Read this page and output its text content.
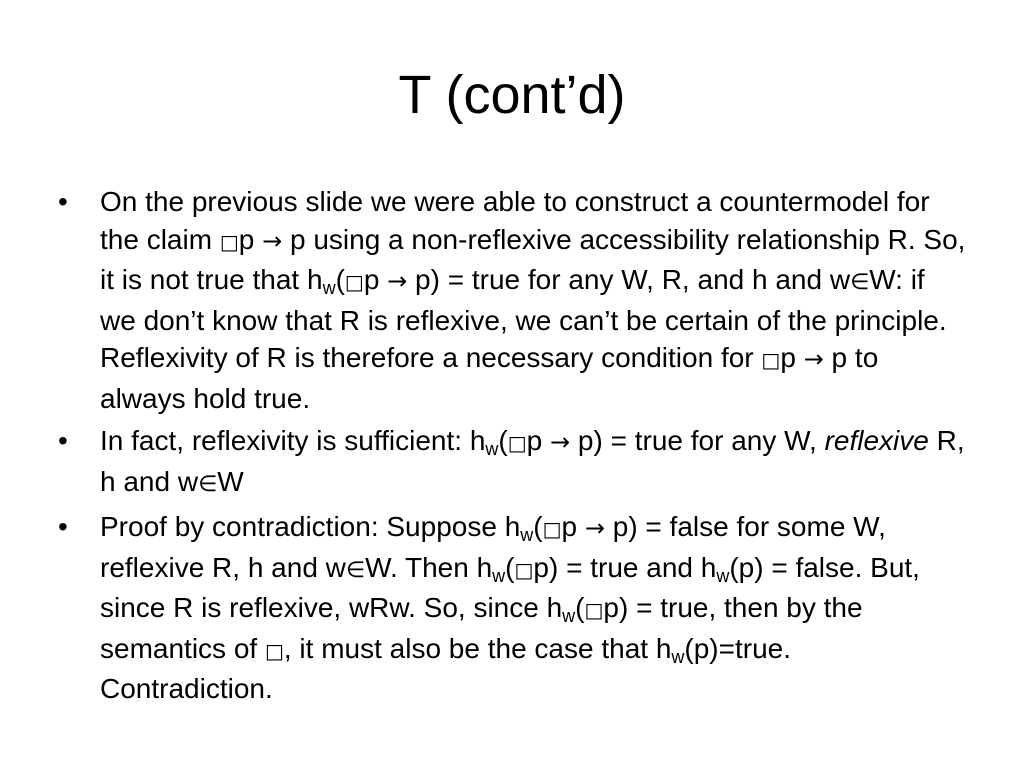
T (cont’d)
• On the previous slide we were able to construct a countermodel for the claim □p → p using a non-reflexive accessibility relationship R. So, it is not true that $h_w(□p \to p)$ = true for any W, R, and h and w∈W: if we don’t know that R is reflexive, we can’t be certain of the principle. Reflexivity of R is therefore a necessary condition for □p → p to always hold true.
• In fact, reflexivity is sufficient: $h_w(□p \to p)$ = true for any W, reflexive R, h and w∈W
• Proof by contradiction: Suppose $h_w(□p \to p)$ = false for some W, reflexive R, h and w∈W. Then $h_w(□p)$ = true and $h_w(p)$ = false. But, since R is reflexive, wRw. So, since $h_w(□p)$ = true, then by the semantics of □, it must also be the case that $h_w(p)=true$. Contradiction.
